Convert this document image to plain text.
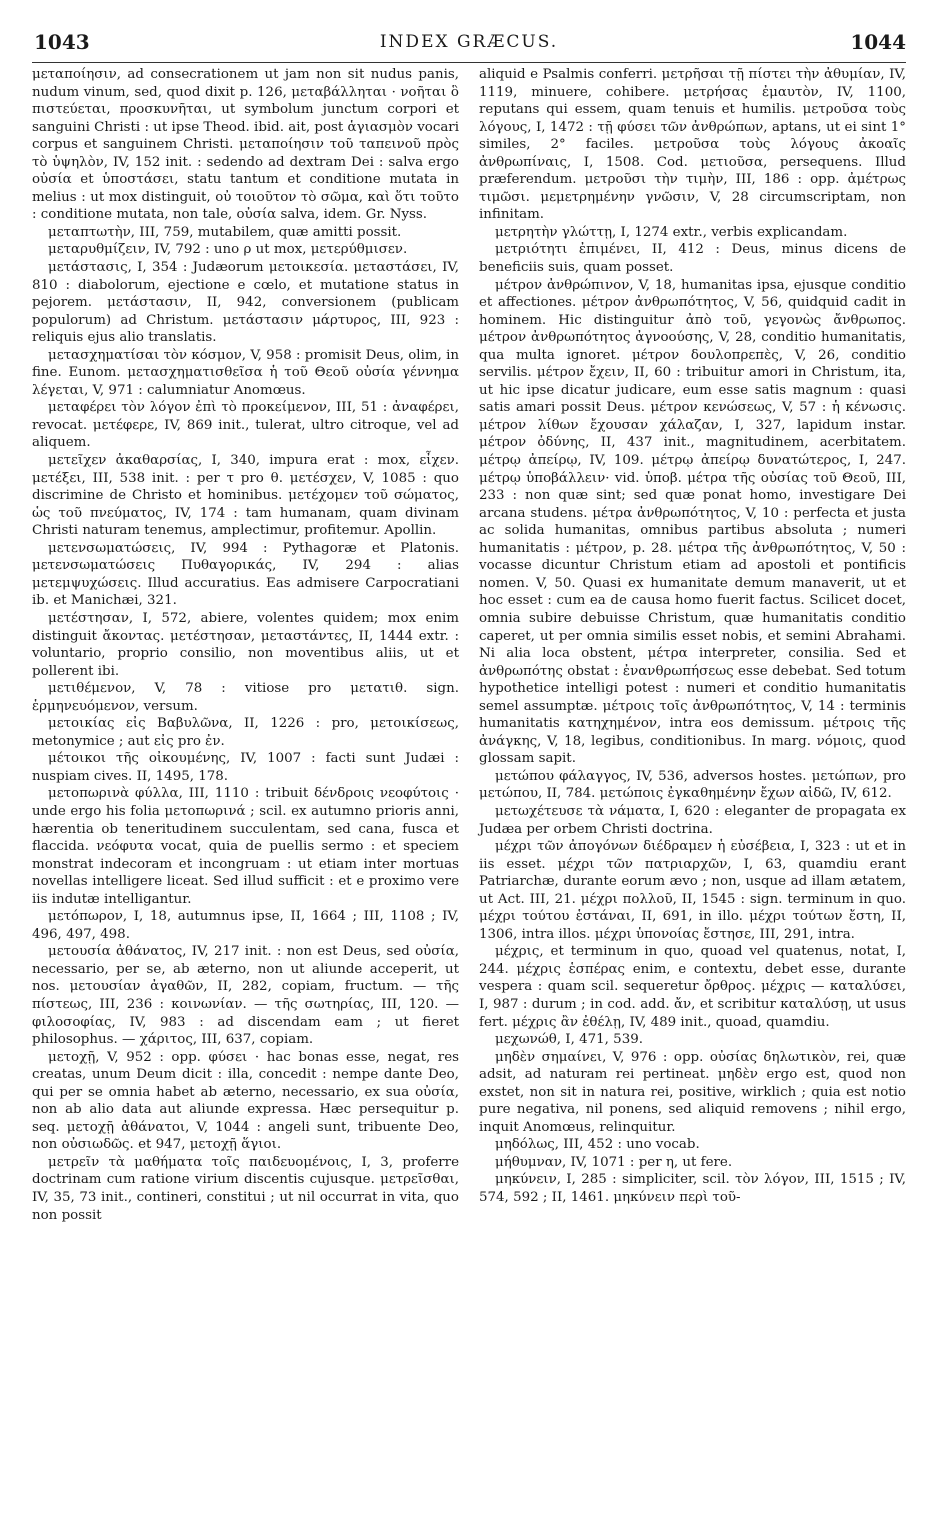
1043	INDEX GRÆCUS.	1044

μεταποίησιν, ad consecrationem ut jam non sit nudus panis, nudum vinum, sed, quod dixit p. 126, μεταβάλληται · νοῆται ὃ πιστεύεται, προσκυνῆται, ut symbolum junctum corpori et sanguini Christi : ut ipse Theod. ibid. ait, post ἁγιασμὸν vocari corpus et sanguinem Christi. μεταποίησιν τοῦ ταπεινοῦ πρὸς τὸ ὑψηλὸν, IV, 152 init. : sedendo ad dextram Dei : salva ergo οὐσία et ὑποστάσει, statu tantum et conditione mutata in melius : ut mox distinguit, οὐ τοιοῦτον τὸ σῶμα, καὶ ὅτι τοῦτο : conditione mutata, non tale, οὐσία salva, idem. Gr. Nyss.

μεταπτωτὴν, III, 759, mutabilem, quæ amitti possit.

μεταρυθμίζειν, IV, 792 : uno ρ ut mox, μετερύθμισεν.

μετάστασις, I, 354 : Judæorum μετοικεσία. μεταστάσει, IV, 810 : diabolorum, ejectione e cœlo, et mutatione status in pejorem. μετάστασιν, II, 942, conversionem (publicam populorum) ad Christum. μετάστασιν μάρτυρος, III, 923 : reliquis ejus alio translatis.

μετασχηματίσαι τὸν κόσμον, V, 958 : promisit Deus, olim, in fine. Eunom. μετασχηματισθεῖσα ἡ τοῦ Θεοῦ οὐσία γέννημα λέγεται, V, 971 : calumniatur Anomœus.

μεταφέρει τὸν λόγον ἐπὶ τὸ προκείμενον, III, 51 : ἀναφέρει, revocat. μετέφερε, IV, 869 init., tulerat, ultro citroque, vel ad aliquem.

μετεῖχεν ἀκαθαρσίας, I, 340, impura erat : mox, εἶχεν. μετέξει, III, 538 init. : per τ pro θ. μετέσχεν, V, 1085 : quo discrimine de Christo et hominibus. μετέχομεν τοῦ σώματος, ὡς τοῦ πνεύματος, IV, 174 : tam humanam, quam divinam Christi naturam tenemus, amplectimur, profitemur. Apollin.

μετενσωματώσεις, IV, 994 : Pythagoræ et Platonis. μετενσωματώσεις Πυθαγορικάς, IV, 294 : alias μετεμψυχώσεις. Illud accuratius. Eas admisere Carpocratiani ib. et Manichæi, 321.

μετέστησαν, I, 572, abiere, volentes quidem; mox enim distinguit ἄκοντας. μετέστησαν, μεταστάντες, II, 1444 extr. : voluntario, proprio consilio, non moventibus aliis, ut et pollerent ibi.

μετιθέμενον, V, 78 : vitiose pro μετατιθ. sign. ἑρμηνευόμενον, versum.

μετοικίας εἰς Βαβυλῶνα, II, 1226 : pro, μετοικίσεως, metonymice ; aut εἰς pro ἐν.

μέτοικοι τῆς οἰκουμένης, IV, 1007 : facti sunt Judæi : nuspiam cives. II, 1495, 178.

μετοπωρινὰ φύλλα, III, 1110 : tribuit δένδροις νεοφύτοις · unde ergo his folia μετοπωρινά ; scil. ex autumno prioris anni, hærentia ob teneritudinem succulentam, sed cana, fusca et flaccida. νεόφυτα vocat, quia de puellis sermo : et speciem monstrat indecoram et incongruam : ut etiam inter mortuas novellas intelligere liceat. Sed illud sufficit : et e proximo vere iis indutæ intelligantur.

μετόπωρον, I, 18, autumnus ipse, II, 1664 ; III, 1108 ; IV, 496, 497, 498.

μετουσία ἀθάνατος, IV, 217 init. : non est Deus, sed οὐσία, necessario, per se, ab æterno, non ut aliunde acceperit, ut nos. μετουσίαν ἀγαθῶν, II, 282, copiam, fructum. — τῆς πίστεως, III, 236 : κοινωνίαν. — τῆς σωτηρίας, III, 120. — φιλοσοφίας, IV, 983 : ad discendam eam ; ut fieret philosophus. — χάριτος, III, 637, copiam.

μετοχῇ, V, 952 : opp. φύσει · hac bonas esse, negat, res creatas, unum Deum dicit : illa, concedit : nempe dante Deo, qui per se omnia habet ab æterno, necessario, ex sua οὐσία, non ab alio data aut aliunde expressa. Hæc persequitur p. seq. μετοχῇ ἀθάνατοι, V, 1044 : angeli sunt, tribuente Deo, non οὐσιωδῶς. et 947, μετοχῇ ἅγιοι.

μετρεῖν τὰ μαθήματα τοῖς παιδευομένοις, I, 3, proferre doctrinam cum ratione virium discentis cujusque. μετρεῖσθαι, IV, 35, 73 init., contineri, constitui ; ut nil occurrat in vita, quo non possit

aliquid e Psalmis conferri. μετρῆσαι τῇ πίστει τὴν ἀθυμίαν, IV, 1119, minuere, cohibere. μετρήσας ἐμαυτὸν, IV, 1100, reputans qui essem, quam tenuis et humilis. μετροῦσα τοὺς λόγους, I, 1472 : τῇ φύσει τῶν ἀνθρώπων, aptans, ut ei sint 1° similes, 2° faciles. μετροῦσα τοὺς λόγους ἀκοαῖς ἀνθρωπίναις, I, 1508. Cod. μετιοῦσα, persequens. Illud præferendum. μετροῦσι τὴν τιμὴν, III, 186 : opp. ἀμέτρως τιμῶσι. μεμετρημένην γνῶσιν, V, 28 circumscriptam, non infinitam.

μετρητὴν γλώττῃ, I, 1274 extr., verbis explicandam.

μετριότητι ἐπιμένει, II, 412 : Deus, minus dicens de beneficiis suis, quam posset.

μέτρον ἀνθρώπινον, V, 18, humanitas ipsa, ejusque conditio et affectiones. μέτρον ἀνθρωπότητος, V, 56, quidquid cadit in hominem. Hic distinguitur ἀπὸ τοῦ, γεγονὼς ἄνθρωπος. μέτρον ἀνθρωπότητος ἀγνοούσης, V, 28, conditio humanitatis, qua multa ignoret. μέτρον δουλοπρεπὲς, V, 26, conditio servilis. μέτρον ἔχειν, II, 60 : tribuitur amori in Christum, ita, ut hic ipse dicatur judicare, eum esse satis magnum : quasi satis amari possit Deus. μέτρον κενώσεως, V, 57 : ἡ κένωσις. μέτρον λίθων ἔχουσαν χάλαζαν, I, 327, lapidum instar. μέτρον ὀδύνης, II, 437 init., magnitudinem, acerbitatem. μέτρῳ ἀπείρῳ, IV, 109. μέτρῳ ἀπείρῳ δυνατώτερος, I, 247. μέτρῳ ὑποβάλλειν· vid. ὑποβ. μέτρα τῆς οὐσίας τοῦ Θεοῦ, III, 233 : non quæ sint; sed quæ ponat homo, investigare Dei arcana studens. μέτρα ἀνθρωπότητος, V, 10 : perfecta et justa ac solida humanitas, omnibus partibus absoluta ; numeri humanitatis : μέτρον, p. 28. μέτρα τῆς ἀνθρωπότητος, V, 50 : vocasse dicuntur Christum etiam ad apostoli et pontificis nomen. V, 50. Quasi ex humanitate demum manaverit, ut et hoc esset : cum ea de causa homo fuerit factus. Scilicet docet, omnia subire debuisse Christum, quæ humanitatis conditio caperet, ut per omnia similis esset nobis, et semini Abrahami. Ni alia loca obstent, μέτρα interpreter, consilia. Sed et ἀνθρωπότης obstat : ἐνανθρωπήσεως esse debebat. Sed totum hypothetice intelligi potest : numeri et conditio humanitatis semel assumptæ. μέτροις τοῖς ἀνθρωπότητος, V, 14 : terminis humanitatis κατηχημένον, intra eos demissum. μέτροις τῆς ἀνάγκης, V, 18, legibus, conditionibus. In marg. νόμοις, quod glossam sapit.

μετώπου φάλαγγος, IV, 536, adversos hostes. μετώπων, pro μετώπου, II, 784. μετώποις ἐγκαθημένην ἔχων αἰδῶ, IV, 612.

μετωχέτευσε τὰ νάματα, I, 620 : eleganter de propagata ex Judæa per orbem Christi doctrina.

μέχρι τῶν ἀπογόνων διέδραμεν ἡ εὐσέβεια, I, 323 : ut et in iis esset. μέχρι τῶν πατριαρχῶν, I, 63, quamdiu erant Patriarchæ, durante eorum ævo ; non, usque ad illam ætatem, ut Act. III, 21. μέχρι πολλοῦ, II, 1545 : sign. terminum in quo. μέχρι τούτου ἑστάναι, II, 691, in illo. μέχρι τούτων ἔστη, II, 1306, intra illos. μέχρι ὑπονοίας ἔστησε, III, 291, intra.

μέχρις, et terminum in quo, quoad vel quatenus, notat, I, 244. μέχρις ἑσπέρας enim, e contextu, debet esse, durante vespera : quam scil. sequeretur ὄρθρος. μέχρις — καταλύσει, I, 987 : durum ; in cod. add. ἄν, et scribitur καταλύσῃ, ut usus fert. μέχρις ἂν ἐθέλῃ, IV, 489 init., quoad, quamdiu.

μεχωνώθ, I, 471, 539.

μηδὲν σημαίνει, V, 976 : opp. οὐσίας δηλωτικὸν, rei, quæ adsit, ad naturam rei pertineat. μηδὲν ergo est, quod non exstet, non sit in natura rei, positive, wirklich ; quia est notio pure negativa, nil ponens, sed aliquid removens ; nihil ergo, inquit Anomœus, relinquitur.

μηδόλως, III, 452 : uno vocab.

μήθυμναν, IV, 1071 : per η, ut fere.

μηκύνειν, I, 285 : simpliciter, scil. τὸν λόγον, III, 1515 ; IV, 574, 592 ; II, 1461. μηκύνειν περὶ τοῦ-
